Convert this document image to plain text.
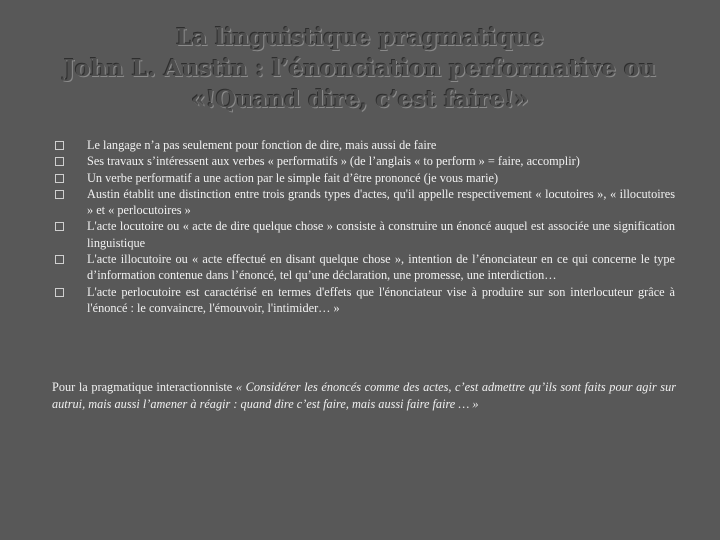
La linguistique pragmatique
John L. Austin : l’énonciation performative ou
«!Quand dire, c’est faire!»
Le langage n’a pas seulement pour fonction de dire, mais aussi de faire
Ses travaux s’intéressent aux verbes « performatifs » (de l’anglais « to perform » = faire, accomplir)
Un verbe performatif a une action par le simple fait d’être prononcé (je vous marie)
Austin établit une distinction entre trois grands types d'actes, qu'il appelle respectivement « locutoires », « illocutoires » et « perlocutoires »
L'acte locutoire ou « acte de dire quelque chose » consiste à construire un énoncé auquel est associée une signification linguistique
L'acte illocutoire ou « acte effectué en disant quelque chose », intention de l’énonciateur en ce qui concerne le type d’information contenue dans l’énoncé, tel qu’une déclaration, une promesse, une interdiction…
L'acte perlocutoire est caractérisé en termes d'effets que l'énonciateur vise à produire sur son interlocuteur grâce à l'énoncé : le convaincre, l'émouvoir, l'intimider… »
Pour la pragmatique interactionniste « Considérer les énoncés comme des actes, c’est admettre qu’ils sont faits pour agir sur autrui, mais aussi l’amener à réagir : quand dire c’est faire, mais aussi faire faire … »
